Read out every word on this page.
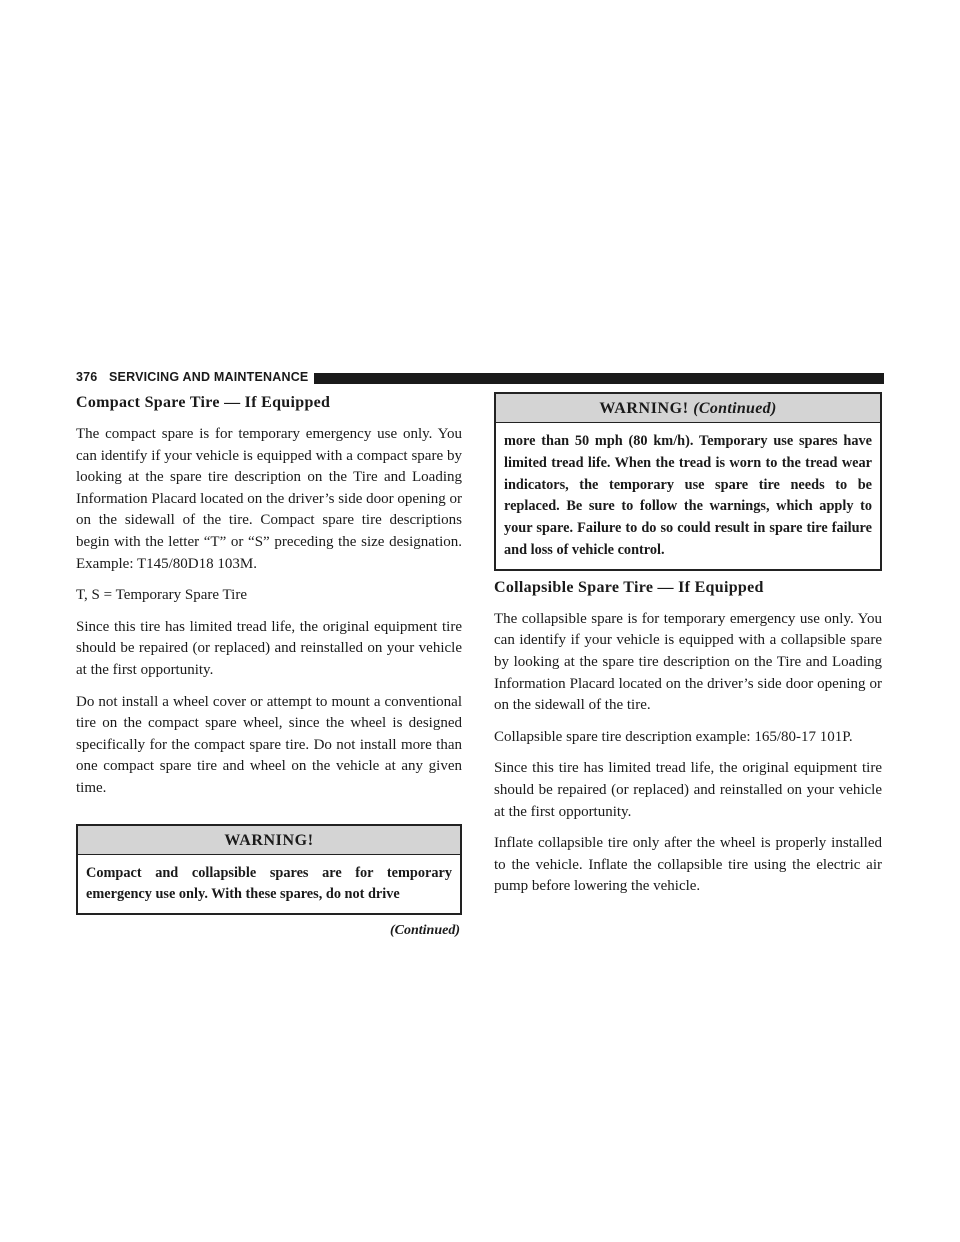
376 SERVICING AND MAINTENANCE
Compact Spare Tire — If Equipped

The compact spare is for temporary emergency use only. You can identify if your vehicle is equipped with a compact spare by looking at the spare tire description on the Tire and Loading Information Placard located on the driver’s side door opening or on the sidewall of the tire. Compact spare tire descriptions begin with the letter “T” or “S” preceding the size designation. Example: T145/80D18 103M.

T, S = Temporary Spare Tire

Since this tire has limited tread life, the original equipment tire should be repaired (or replaced) and reinstalled on your vehicle at the first opportunity.

Do not install a wheel cover or attempt to mount a conventional tire on the compact spare wheel, since the wheel is designed specifically for the compact spare tire. Do not install more than one compact spare tire and wheel on the vehicle at any given time.

WARNING!
Compact and collapsible spares are for temporary emergency use only. With these spares, do not drive
(Continued)
WARNING! (Continued)
more than 50 mph (80 km/h). Temporary use spares have limited tread life. When the tread is worn to the tread wear indicators, the temporary use spare tire needs to be replaced. Be sure to follow the warnings, which apply to your spare. Failure to do so could result in spare tire failure and loss of vehicle control.
Collapsible Spare Tire — If Equipped

The collapsible spare is for temporary emergency use only. You can identify if your vehicle is equipped with a collapsible spare by looking at the spare tire description on the Tire and Loading Information Placard located on the driver’s side door opening or on the sidewall of the tire.

Collapsible spare tire description example: 165/80-17 101P.

Since this tire has limited tread life, the original equipment tire should be repaired (or replaced) and reinstalled on your vehicle at the first opportunity.

Inflate collapsible tire only after the wheel is properly installed to the vehicle. Inflate the collapsible tire using the electric air pump before lowering the vehicle.
